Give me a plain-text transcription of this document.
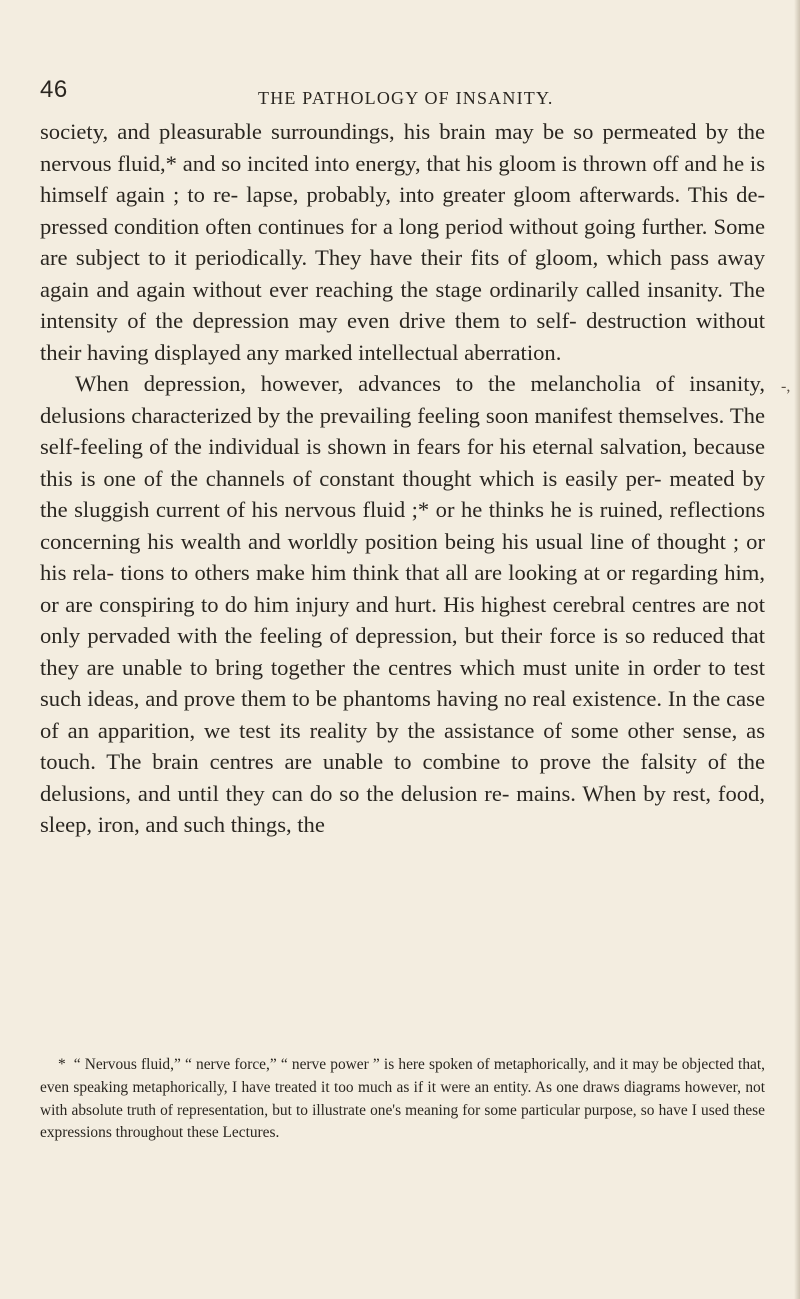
46	THE PATHOLOGY OF INSANITY.

society, and pleasurable surroundings, his brain may be so permeated by the nervous fluid,* and so incited into energy, that his gloom is thrown off and he is himself again ; to re- lapse, probably, into greater gloom afterwards. This de- pressed condition often continues for a long period without going further. Some are subject to it periodically. They have their fits of gloom, which pass away again and again without ever reaching the stage ordinarily called insanity. The intensity of the depression may even drive them to self- destruction without their having displayed any marked intellectual aberration.

When depression, however, advances to the melancholia of insanity, delusions characterized by the prevailing feeling soon manifest themselves. The self-feeling of the individual is shown in fears for his eternal salvation, because this is one of the channels of constant thought which is easily per- meated by the sluggish current of his nervous fluid ;* or he thinks he is ruined, reflections concerning his wealth and worldly position being his usual line of thought ; or his rela- tions to others make him think that all are looking at or regarding him, or are conspiring to do him injury and hurt. His highest cerebral centres are not only pervaded with the feeling of depression, but their force is so reduced that they are unable to bring together the centres which must unite in order to test such ideas, and prove them to be phantoms having no real existence. In the case of an apparition, we test its reality by the assistance of some other sense, as touch. The brain centres are unable to combine to prove the falsity of the delusions, and until they can do so the delusion re- mains. When by rest, food, sleep, iron, and such things, the

* “ Nervous fluid,” “ nerve force,” “ nerve power ” is here spoken of metaphorically, and it may be objected that, even speaking metaphorically, I have treated it too much as if it were an entity. As one draws diagrams however, not with absolute truth of representation, but to illustrate one's meaning for some particular purpose, so have I used these expressions throughout these Lectures.
-,
